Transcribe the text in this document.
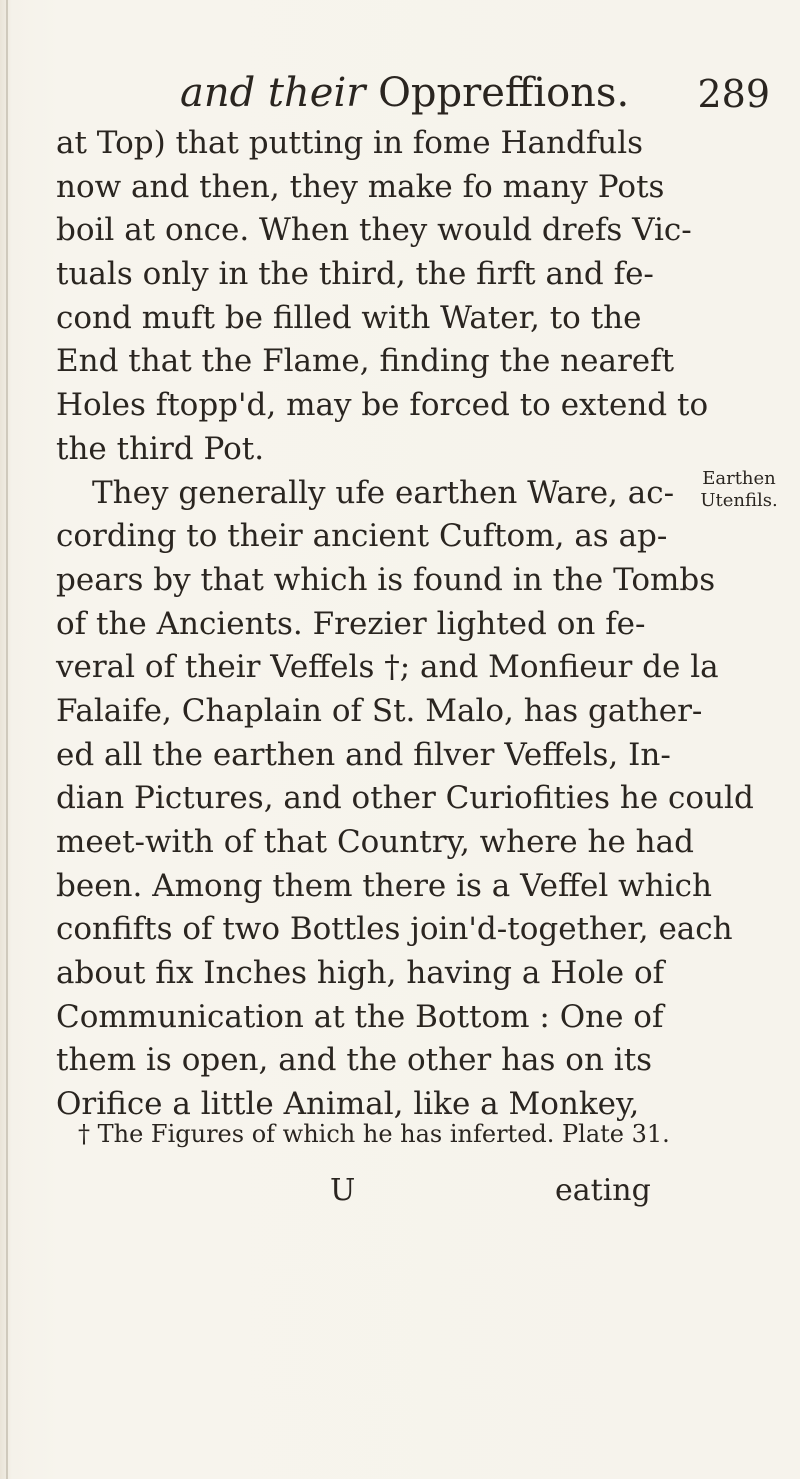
and their Oppreffions. 289
at Top) that putting in fome Handfuls
now and then, they make fo many Pots
boil at once. When they would drefs Vic-
tuals only in the third, the firft and fe-
cond muft be filled with Water, to the
End that the Flame, finding the neareft
Holes ftopp'd, may be forced to extend to
the third Pot.
They generally ufe earthen Ware, ac-
cording to their ancient Cuftom, as ap-
pears by that which is found in the Tombs
of the Ancients. Frezier lighted on fe-
veral of their Veffels †; and Monfieur de la
Falaife, Chaplain of St. Malo, has gather-
ed all the earthen and filver Veffels, In-
dian Pictures, and other Curiofities he could
meet-with of that Country, where he had
been. Among them there is a Veffel which
confifts of two Bottles join'd-together, each
about fix Inches high, having a Hole of
Communication at the Bottom : One of
them is open, and the other has on its
Orifice a little Animal, like a Monkey,
Earthen
Utenfils.
† The Figures of which he has inferted. Plate 31.
U	eating
